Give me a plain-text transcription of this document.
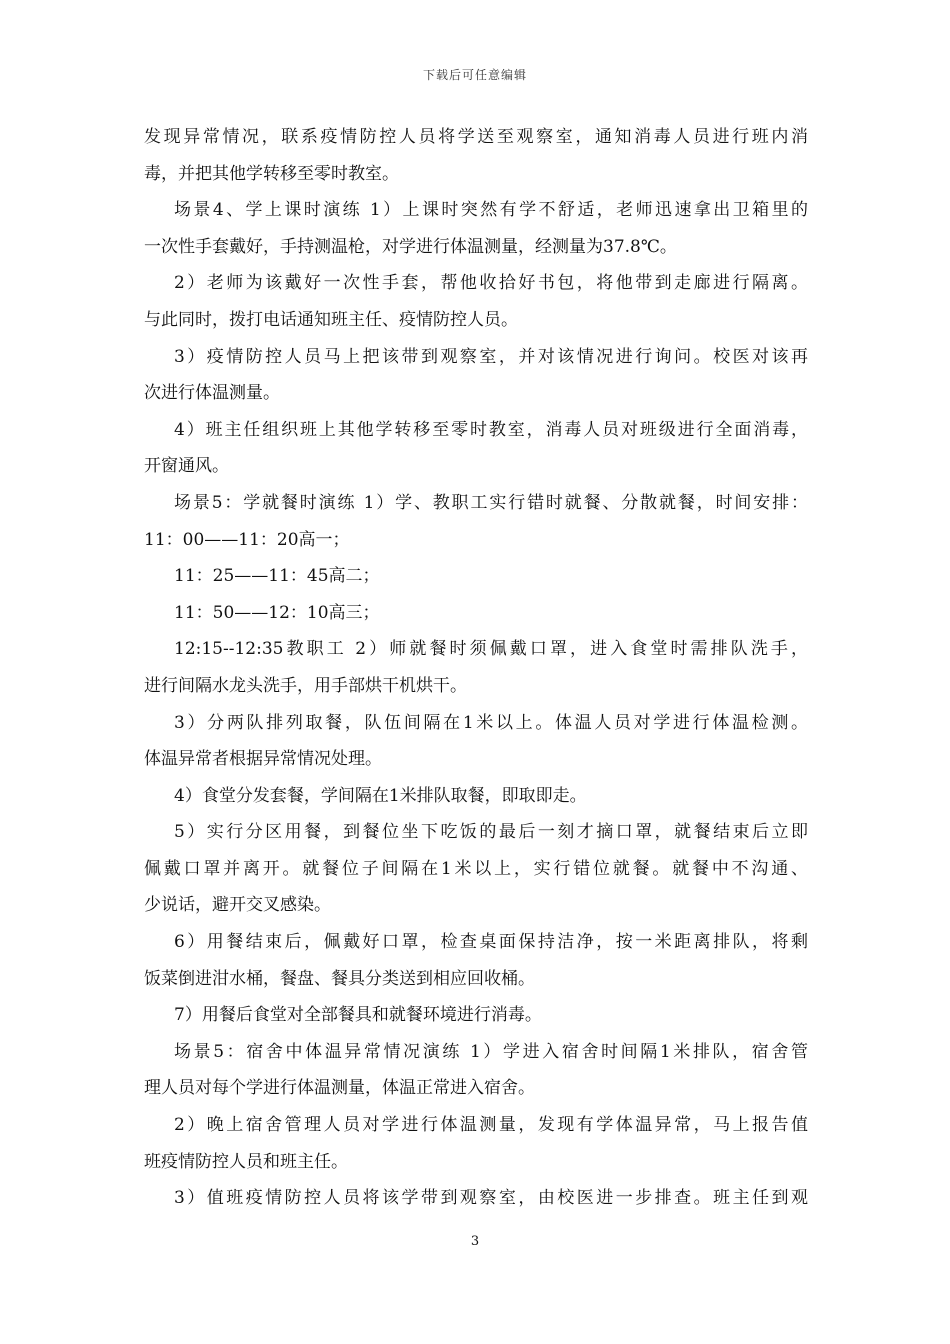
下载后可任意编辑
发现异常情况，联系疫情防控人员将学送至观察室，通知消毒人员进行班内消
毒，并把其他学转移至零时教室。
场景4、学上课时演练 1）上课时突然有学不舒适，老师迅速拿出卫箱里的
一次性手套戴好，手持测温枪，对学进行体温测量，经测量为37.8℃。
2）老师为该戴好一次性手套，帮他收拾好书包，将他带到走廊进行隔离。
与此同时，拨打电话通知班主任、疫情防控人员。
3）疫情防控人员马上把该带到观察室，并对该情况进行询问。校医对该再
次进行体温测量。
4）班主任组织班上其他学转移至零时教室，消毒人员对班级进行全面消毒，
开窗通风。
场景5：学就餐时演练 1）学、教职工实行错时就餐、分散就餐，时间安排：
11：00——11：20高一；
11：25——11：45高二；
11：50——12：10高三；
12:15--12:35教职工 2）师就餐时须佩戴口罩，进入食堂时需排队洗手，
进行间隔水龙头洗手，用手部烘干机烘干。
3）分两队排列取餐，队伍间隔在1米以上。体温人员对学进行体温检测。
体温异常者根据异常情况处理。
4）食堂分发套餐，学间隔在1米排队取餐，即取即走。
5）实行分区用餐，到餐位坐下吃饭的最后一刻才摘口罩，就餐结束后立即
佩戴口罩并离开。就餐位子间隔在1米以上，实行错位就餐。就餐中不沟通、
少说话，避开交叉感染。
6）用餐结束后，佩戴好口罩，检查桌面保持洁净，按一米距离排队，将剩
饭菜倒进泔水桶，餐盘、餐具分类送到相应回收桶。
7）用餐后食堂对全部餐具和就餐环境进行消毒。
场景5：宿舍中体温异常情况演练 1）学进入宿舍时间隔1米排队，宿舍管
理人员对每个学进行体温测量，体温正常进入宿舍。
2）晚上宿舍管理人员对学进行体温测量，发现有学体温异常，马上报告值
班疫情防控人员和班主任。
3）值班疫情防控人员将该学带到观察室，由校医进一步排查。班主任到观
3
